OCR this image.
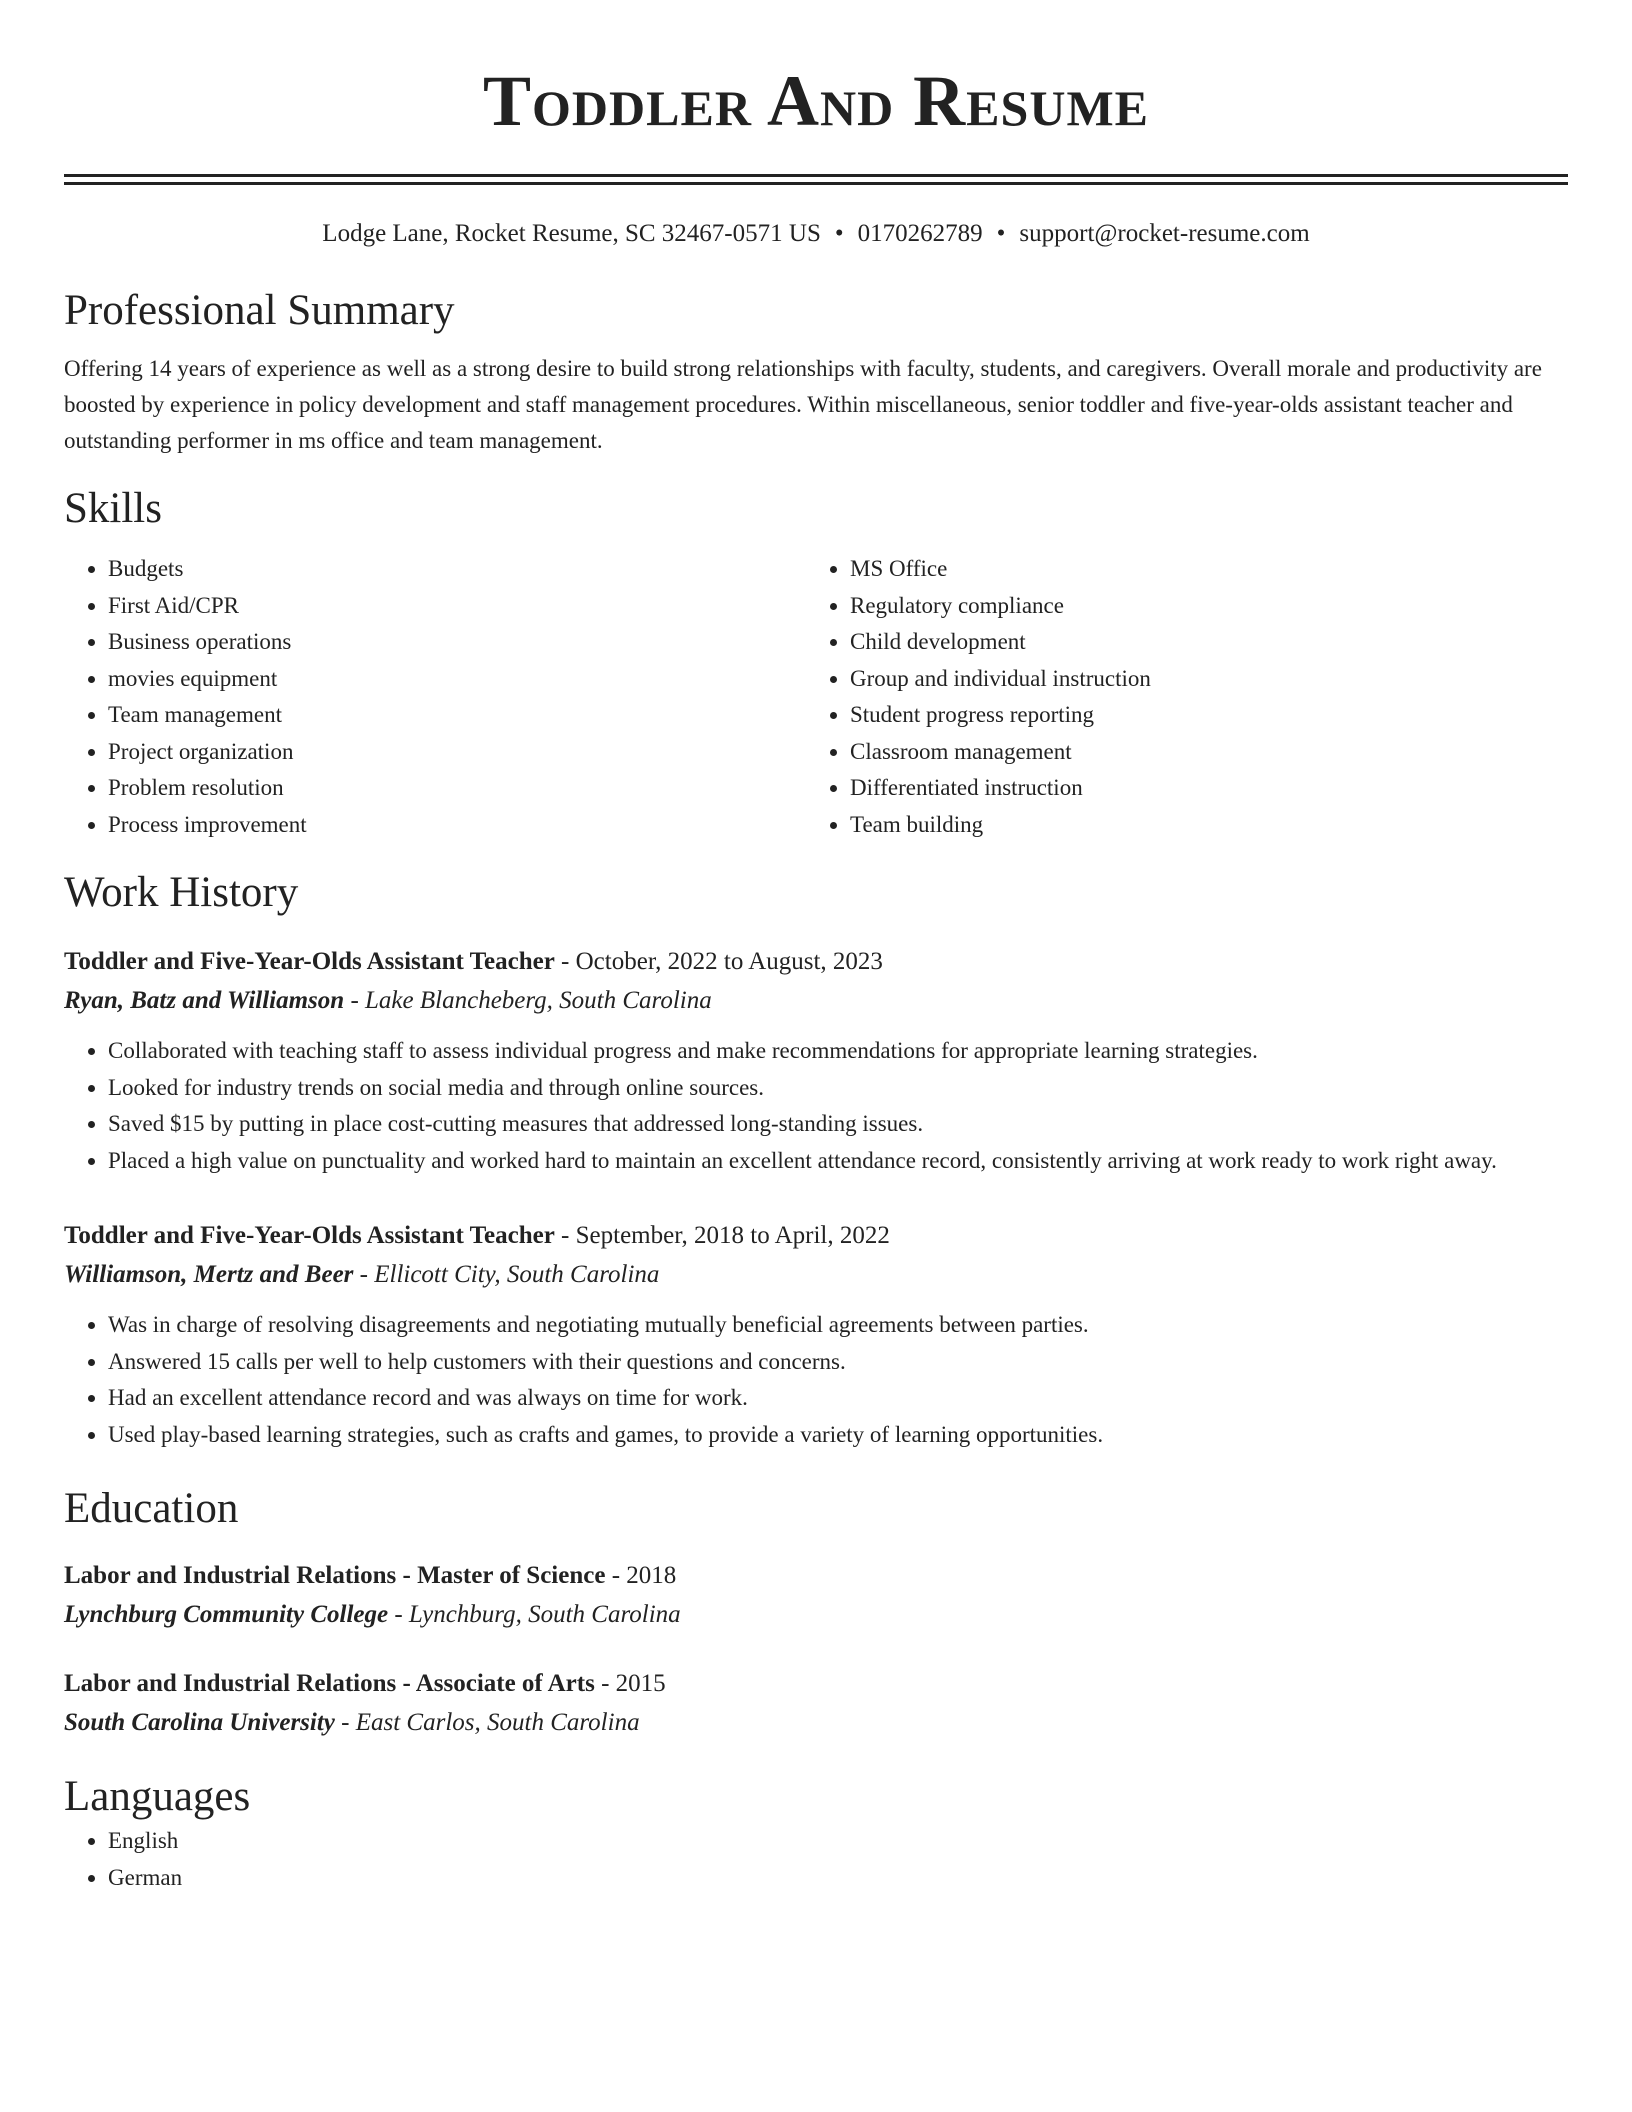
Toddler And Resume
Lodge Lane, Rocket Resume, SC 32467-0571 US • 0170262789 • support@rocket-resume.com
Professional Summary
Offering 14 years of experience as well as a strong desire to build strong relationships with faculty, students, and caregivers. Overall morale and productivity are boosted by experience in policy development and staff management procedures. Within miscellaneous, senior toddler and five-year-olds assistant teacher and outstanding performer in ms office and team management.
Skills
• Budgets
• First Aid/CPR
• Business operations
• movies equipment
• Team management
• Project organization
• Problem resolution
• Process improvement
• MS Office
• Regulatory compliance
• Child development
• Group and individual instruction
• Student progress reporting
• Classroom management
• Differentiated instruction
• Team building
Work History
Toddler and Five-Year-Olds Assistant Teacher - October, 2022 to August, 2023
Ryan, Batz and Williamson - Lake Blancheberg, South Carolina
• Collaborated with teaching staff to assess individual progress and make recommendations for appropriate learning strategies.
• Looked for industry trends on social media and through online sources.
• Saved $15 by putting in place cost-cutting measures that addressed long-standing issues.
• Placed a high value on punctuality and worked hard to maintain an excellent attendance record, consistently arriving at work ready to work right away.
Toddler and Five-Year-Olds Assistant Teacher - September, 2018 to April, 2022
Williamson, Mertz and Beer - Ellicott City, South Carolina
• Was in charge of resolving disagreements and negotiating mutually beneficial agreements between parties.
• Answered 15 calls per well to help customers with their questions and concerns.
• Had an excellent attendance record and was always on time for work.
• Used play-based learning strategies, such as crafts and games, to provide a variety of learning opportunities.
Education
Labor and Industrial Relations - Master of Science - 2018
Lynchburg Community College - Lynchburg, South Carolina
Labor and Industrial Relations - Associate of Arts - 2015
South Carolina University - East Carlos, South Carolina
Languages
• English
• German
